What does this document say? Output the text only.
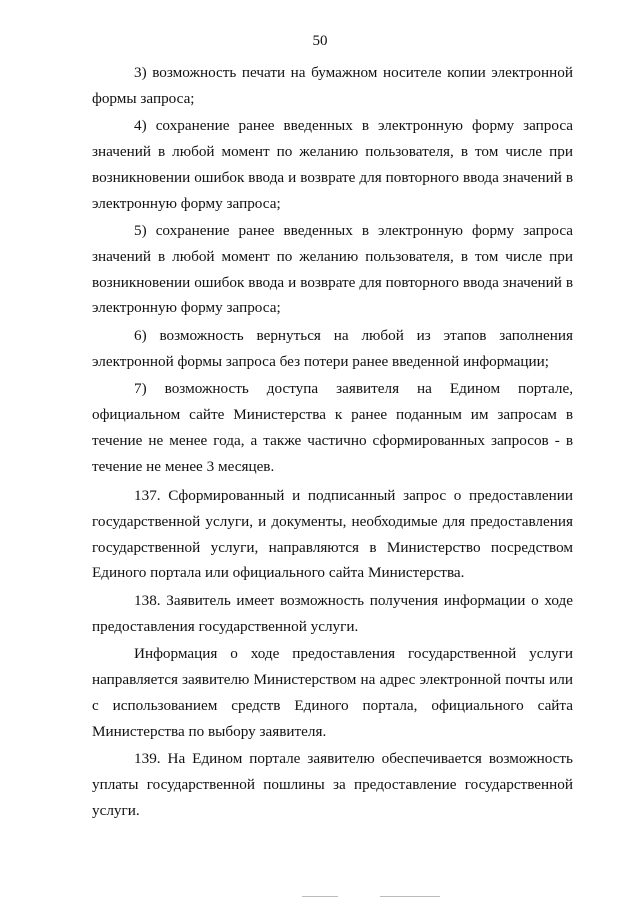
50

3) возможность печати на бумажном носителе копии электронной формы запроса;

4) сохранение ранее введенных в электронную форму запроса значений в любой момент по желанию пользователя, в том числе при возникновении ошибок ввода и возврате для повторного ввода значений в электронную форму запроса;

5) сохранение ранее введенных в электронную форму запроса значений в любой момент по желанию пользователя, в том числе при возникновении ошибок ввода и возврате для повторного ввода значений в электронную форму запроса;

6) возможность вернуться на любой из этапов заполнения электронной формы запроса без потери ранее введенной информации;

7) возможность доступа заявителя на Едином портале, официальном сайте Министерства к ранее поданным им запросам в течение не менее года, а также частично сформированных запросов - в течение не менее 3 месяцев.

137. Сформированный и подписанный запрос о предоставлении государственной услуги, и документы, необходимые для предоставления государственной услуги, направляются в Министерство посредством Единого портала или официального сайта Министерства.

138. Заявитель имеет возможность получения информации о ходе предоставления государственной услуги.

Информация о ходе предоставления государственной услуги направляется заявителю Министерством на адрес электронной почты или с использованием средств Единого портала, официального сайта Министерства по выбору заявителя.

139. На Едином портале заявителю обеспечивается возможность уплаты государственной пошлины за предоставление государственной услуги.
